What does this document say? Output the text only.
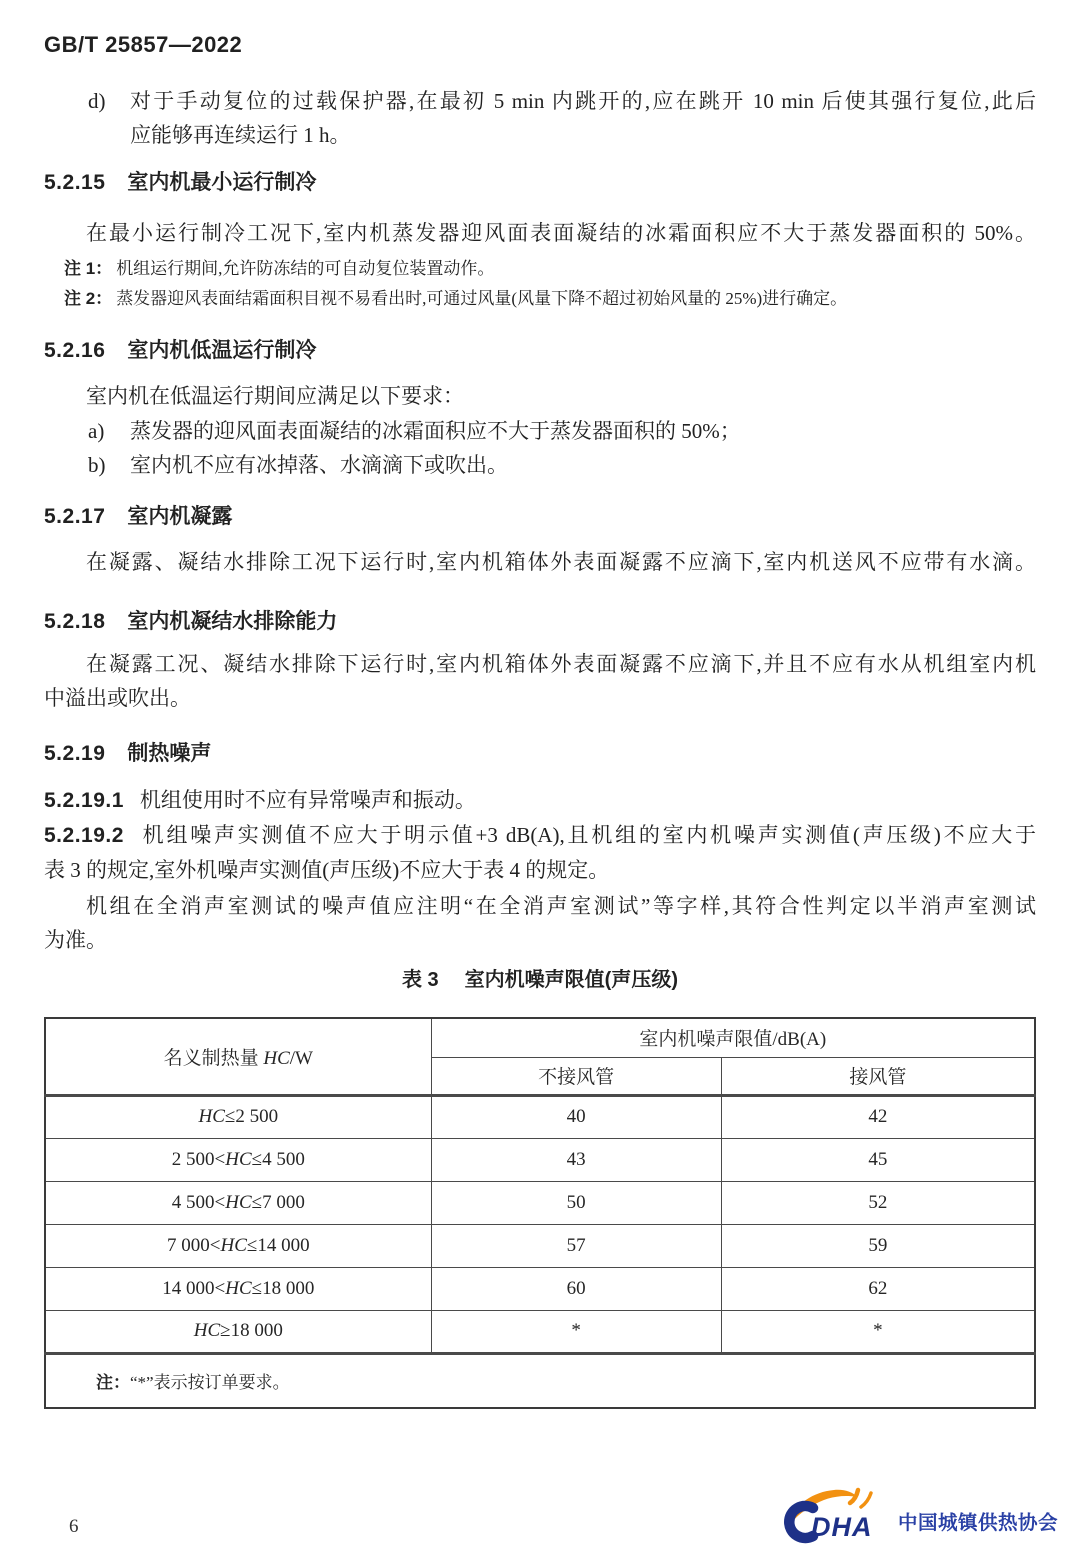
GB/T 25857—2022
d) 对于手动复位的过载保护器,在最初 5 min 内跳开的,应在跳开 10 min 后使其强行复位,此后
应能够再连续运行 1 h。
5.2.15 室内机最小运行制冷

在最小运行制冷工况下,室内机蒸发器迎风面表面凝结的冰霜面积应不大于蒸发器面积的 50%。

注 1： 机组运行期间,允许防冻结的可自动复位装置动作。
注 2： 蒸发器迎风表面结霜面积目视不易看出时,可通过风量(风量下降不超过初始风量的 25%)进行确定。
5.2.16 室内机低温运行制冷

室内机在低温运行期间应满足以下要求：

a) 蒸发器的迎风面表面凝结的冰霜面积应不大于蒸发器面积的 50%；
b) 室内机不应有冰掉落、水滴滴下或吹出。
5.2.17 室内机凝露

在凝露、凝结水排除工况下运行时,室内机箱体外表面凝露不应滴下,室内机送风不应带有水滴。

5.2.18 室内机凝结水排除能力

在凝露工况、凝结水排除下运行时,室内机箱体外表面凝露不应滴下,并且不应有水从机组室内机

中溢出或吹出。

5.2.19 制热噪声

5.2.19.1 机组使用时不应有异常噪声和振动。

5.2.19.2 机组噪声实测值不应大于明示值+3 dB(A),且机组的室内机噪声实测值(声压级)不应大于

表 3 的规定,室外机噪声实测值(声压级)不应大于表 4 的规定。

机组在全消声室测试的噪声值应注明“在全消声室测试”等字样,其符合性判定以半消声室测试

为准。

表 3 室内机噪声限值(声压级)
名义制热量 HC/W	室内机噪声限值/dB(A)	
	不接风管	接风管
HC≤2 500	40	42
2 500<HC≤4 500	43	45
4 500<HC≤7 000	50	52
7 000<HC≤14 000	57	59
14 000<HC≤18 000	60	62
HC≥18 000	*	*
注：“*”表示按订单要求。		
6	DHA 中国城镇供热协会
